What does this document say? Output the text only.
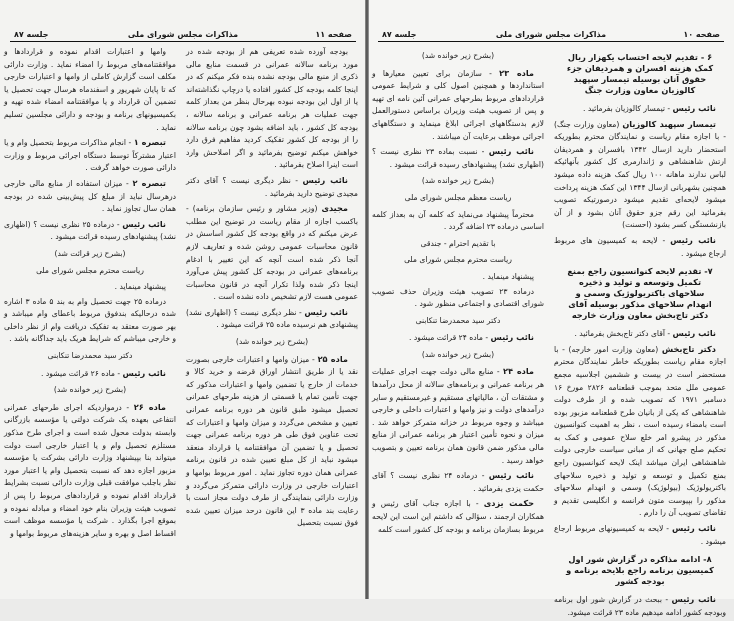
صفحه ۱۱
مذاکرات مجلس شورای ملی
جلسه ۸۷
بودجه آورده شده تعریفی هم از بودجه شده در مورد برنامه سالانه عمرانی در قسمت منابع مالی ذکری از منبع مالی بودجه نشده بنده فکر میکنم که در اینجا کلمه بودجه کل کشور افتاده یا درچاپ نگذاشته‌اند یا از اول این بودجه نبوده بهرحال بنظر من بعداز کلمه جهت عملیات هر برنامه عمرانی و برنامه سالانه ، بودجه کل کشور ، باید اضافه بشود چون برنامه سالانه را از بودجه کل کشور تفکیک کردید مفاهیم فرق دارد خواهش میکنم توضیح بفرمائید و اگر اصلاحش وارد است اینرا اصلاح بفرمائید .
نائب رئیس - نظر دیگری نیست ؟ آقای دکتر مجیدی توضیح دارید بفرمائید .
مجیدی (وزیر مشاور و رئیس سازمان برنامه) - باکسب اجازه از مقام ریاست در توضیح این مطلب عرض میکنم که در واقع بودجه کل کشور اساسش در قانون محاسبات عمومی روشن شده و تعاریف لازم آنجا ذکر شده است آنچه که این تغییر با ادغام برنامه‌های عمرانی در بودجه کل کشور پیش می‌آورد اینجا ذکر شده ولذا تکرار آنچه در قانون محاسبات عمومی هست لازم تشخیص داده نشده است .
نائب رئیس - نظر دیگری نیست ؟ (اظهاری نشد) پیشنهادی هم نرسیده ماده ۲۵ قرائت میشود .
(بشرح زیر خوانده شد)
ماده ۲۵ - میزان وامها و اعتبارات خارجی بصورت نقد یا از طریق انتشار اوراق قرضه و خرید کالا و خدمات از خارج یا تضمین وامها و اعتبارات مذکور که جهت تأمین تمام یا قسمتی از هزینه طرحهای عمرانی تحصیل میشود طبق قانون هر دوره برنامه عمرانی تعیین و مشخص می‌گردد و میزان وامها و اعتبارات که تحت عناوین فوق طی هر دوره برنامه عمرانی جهت تحصیل و یا تضمین آن موافقتنامه یا قرارداد منعقد میشود نباید از کل مبلغ تعیین شده در قانون برنامه عمرانی همان دوره تجاوز نماید . امور مربوط بوامها و اعتبارات خارجی در وزارت دارائی متمرکز می‌گردد و وزارت دارائی بنمایندگی از طرف دولت مجاز است با رعایت بند ماده ۳ این قانون درحد میزان تعیین شده فوق نسبت بتحصیل
وامها و اعتبارات اقدام نموده و قراردادها و موافقتنامه‌های مربوط را امضاء نماید . وزارت دارائی مکلف است گزارش کاملی از وامها و اعتبارات خارجی که تا پایان شهریور و اسفندماه هرسال جهت تحصیل یا تضمین آن قرارداد و یا موافقتنامه امضاء شده تهیه و بکمیسیونهای برنامه و بودجه و دارائی مجلسین تسلیم نماید .
تبصره ۱ - انجام مذاکرات مربوط بتحصیل وام و یا اعتبار مشترکاً توسط دستگاه اجرائی مربوط و وزارت دارائی صورت خواهد گرفت .
تبصره ۲ - میزان استفاده از منابع مالی خارجی درهرسال نباید از مبلغ کل پیش‌بینی شده در بودجه همان سال تجاوز نماید .
نائب رئیس - درماده ۲۵ نظری نیست ؟ (اظهاری نشد) پیشنهادهای رسیده قرائت میشود .
(بشرح زیر قرائت شد)
ریاست محترم مجلس شورای ملی
پیشنهاد مینماید .
درماده ۲۵ جهت تحصیل وام به بند ۵ ماده ۳ اشاره شده درحالیکه بندفوق مربوط باعطای وام میباشد و بهر صورت معتقد به تفکیک دریافت وام از نظر داخلی و خارجی میباشم که شرایط هریک باید جداگانه باشد .
دکتر سید محمدرضا تنکابنی
نائب رئیس - ماده ۲۶ قرائت میشود .
(بشرح زیر خوانده شد)
ماده ۲۶ - درمواردیکه اجرای طرحهای عمرانی انتفاعی بعهده یک شرکت دولتی یا مؤسسه بازرگانی وابسته بدولت محول شده است و اجرای طرح مذکور مستلزم تحصیل وام و یا اعتبار خارجی است دولت میتواند بنا بپیشنهاد وزارت دارائی بشرکت یا مؤسسه مزبور اجازه دهد که نسبت بتحصیل وام یا اعتبار مورد نظر باجلب موافقت قبلی وزارت دارائی نسبت بشرایط قرارداد اقدام نموده و قراردادهای مربوط را پس از تصویب هیئت وزیران بنام خود امضاء و مبادله نموده و بموقع اجرا بگذارد . شرکت یا مؤسسه موظف است اقساط اصل و بهره و سایر هزینه‌های مربوط بوامها و
صفحه ۱۰
مذاکرات مجلس شورای ملی
جلسه ۸۷
۶ - تقدیم لایحه احتساب یکهزار ریال کمک هزینه افسران و همردیفان جزء حقوق آنان بوسیله تیمسار سپهبد کالوزیان معاون وزارت جنگ
نائب رئیس - تیمسار کالوزیان بفرمائید .
تیمسار سپهبد کالوزیان (معاون وزارت جنگ) - با اجازه مقام ریاست و نمایندگان محترم بطوریکه استحضار دارید ازسال ۱۳۴۲ بافسران و همردیفان ارتش شاهنشاهی و ژاندارمری کل کشور بآنهائیکه لباس ندارند ماهانه ۱۰۰ ریال کمک هزینه داده میشود همچنین بشهربانی ازسال ۱۳۴۴ این کمک هزینه پرداخت میشود لایحه‌ای تقدیم میشود درصورتیکه تصویب بفرمائید این رقم جزو حقوق آنان بشود و از آن بازنشستگی کسر بشود (احسنت)
نائب رئیس - لایحه به کمیسیون های مربوط ارجاع میشود .
۷- تقدیم لایحه کنوانسیون راجع بمنع تکمیل وتوسعه و تولید و ذخیره سلاحهای باکتریولوژیک وسمی و انهدام سلاحهای مذکور بوسیله آقای دکتر تاج‌بخش معاون وزارت خارجه
نائب رئیس - آقای دکتر تاج‌بخش بفرمائید .
دکتر تاج‌بخش (معاون وزارت امور خارجه) - با اجازه مقام ریاست بطوریکه خاطر نمایندگان محترم مستحضر است در بیست و ششمین اجلاسیه مجمع عمومی ملل متحد بموجب قطعنامه ۲۸۲۶ مورخ ۱۶ دسامبر ۱۹۷۱ که تصویب شده و از طرف دولت شاهنشاهی که یکی از بانیان طرح قطعنامه مزبور بوده است بامضاء رسیده است ، نظر به اهمیت کنوانسیون مذکور در پیشرو امر خلع سلاح عمومی و کمک به تحکیم صلح جهانی که از مبانی سیاست خارجی دولت شاهنشاهی ایران میباشد اینک لایحه کنوانسیون راجع بمنع تکمیل و توسعه و تولید و ذخیره سلاحهای باکتریولوژیک (بیولوژیک) وسمی و انهدام سلاحهای مذکور را بپیوست متون فرانسه و انگلیسی تقدیم و تقاضای تصویب آن را دارم .
نائب رئیس - لایحه به کمیسیونهای مربوط ارجاع میشود .
۸- ادامه مذاکره در گزارش شور اول کمیسیون برنامه راجع بلایحه برنامه و بودجه کشور
نائب رئیس - ببحث در گزارش شور اول برنامه وبودجه کشور ادامه میدهیم ماده ۲۳ قرائت میشود.
(بشرح زیر خوانده شد)
ماده ۲۳ - سازمان برای تعیین معیارها و استانداردها و همچنین اصول کلی و شرایط عمومی قراردادهای مربوط بطرحهای عمرانی آئین نامه ای تهیه و پس از تصویب هیئت وزیران براساس دستورالعمل لازم بدستگاههای اجرائی ابلاغ مینماید و دستگاههای اجرائی موظف برعایت آن میباشند .
نائب رئیس - نسبت بماده ۲۳ نظری نیست ؟ (اظهاری نشد) پیشنهادهای رسیده قرائت میشود .
(بشرح زیر خوانده شد)
ریاست معظم مجلس شورای ملی
محترماً پیشنهاد می‌نماید که کلمه آن به بعداز کلمه اساسی درماده ۲۳ اضافه گردد .
با تقدیم احترام - جندقی
ریاست محترم مجلس شورای ملی
پیشنهاد مینماید .
درماده ۲۳ تصویب هیئت وزیران حذف تصویب شورای اقتصادی و اجتماعی منظور شود .
دکتر سید محمدرضا تنکابنی
نائب رئیس - ماده ۲۴ قرائت میشود .
(بشرح زیر خوانده شد)
ماده ۲۴ - منابع مالی دولت جهت اجرای عملیات هر برنامه عمرانی و برنامه‌های سالانه از محل درآمدها و مشتقات آن ، مالیاتهای مستقیم و غیرمستقیم و سایر درآمدهای دولت و نیز وامها و اعتبارات داخلی و خارجی میباشد و وجوه مربوط در خزانه متمرکز خواهد شد . میزان و نحوه تأمین اعتبار هر برنامه عمرانی از منابع مالی مذکور ضمن قانون همان برنامه تعیین و بتصویب خواهد رسید .
نائب رئیس - درماده ۲۴ نظری نیست ؟ آقای حکمت یزدی بفرمائید .
حکمت یزدی - با اجازه جناب آقای رئیس و همکاران ارجمند ، سؤالی که داشتم این است این لایحه مربوط بسازمان برنامه و بودجه کل کشور است کلمه
